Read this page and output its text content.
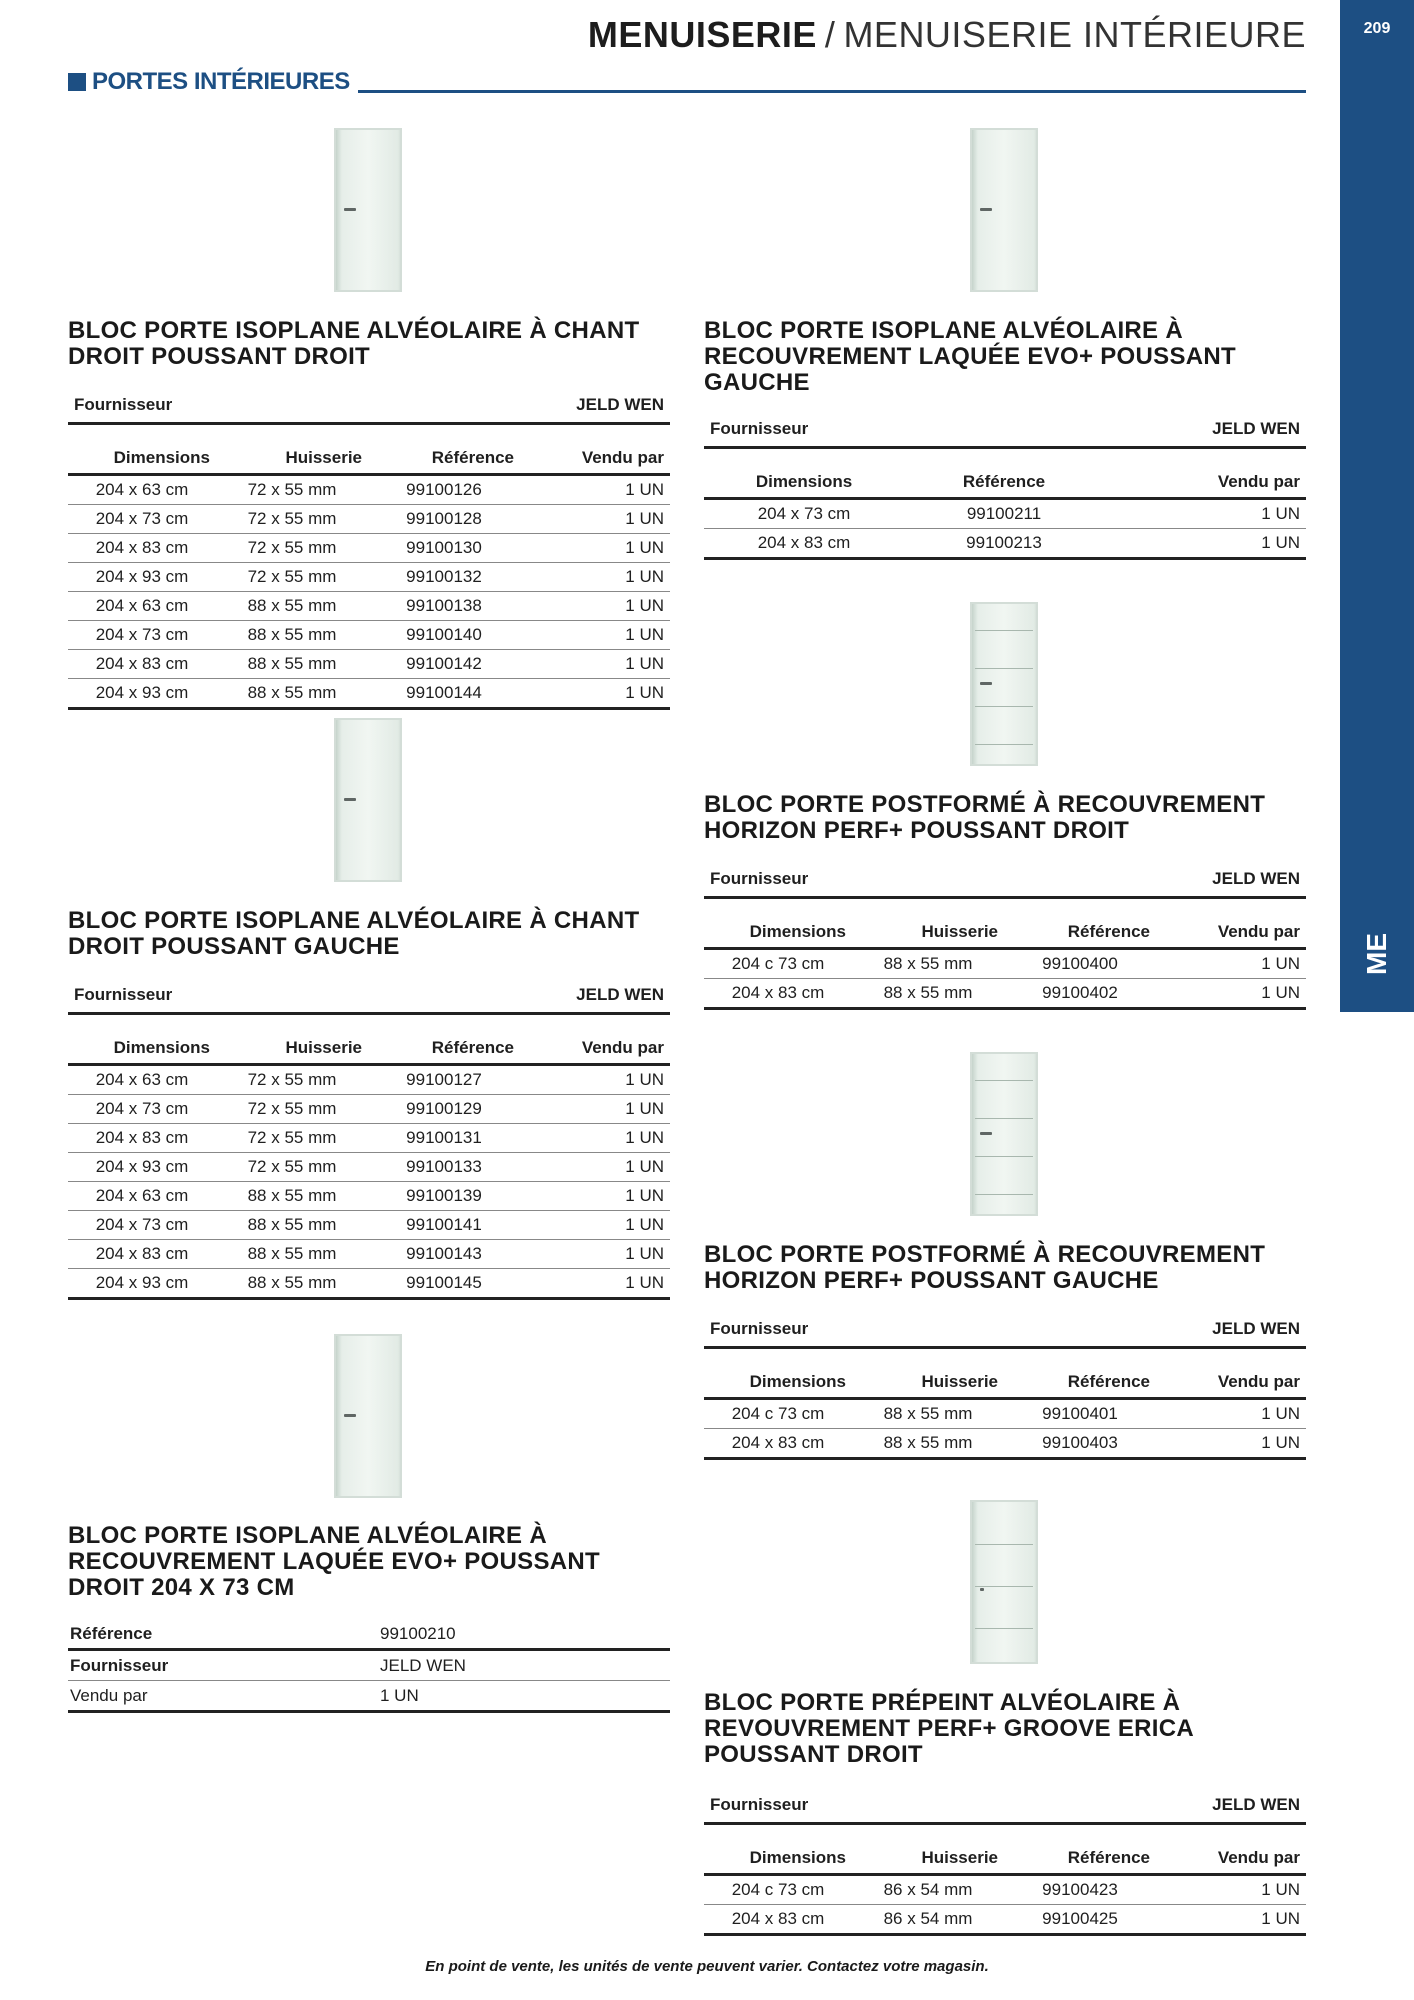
MENUISERIE / MENUISERIE INTÉRIEURE	209
ME
PORTES INTÉRIEURES
BLOC PORTE ISOPLANE ALVÉOLAIRE À CHANT
DROIT POUSSANT DROIT
Fournisseur			JELD WEN

Dimensions	Huisserie	Référence	Vendu par
204 x 63 cm	72 x 55 mm	99100126	1 UN
204 x 73 cm	72 x 55 mm	99100128	1 UN
204 x 83 cm	72 x 55 mm	99100130	1 UN
204 x 93 cm	72 x 55 mm	99100132	1 UN
204 x 63 cm	88 x 55 mm	99100138	1 UN
204 x 73 cm	88 x 55 mm	99100140	1 UN
204 x 83 cm	88 x 55 mm	99100142	1 UN
204 x 93 cm	88 x 55 mm	99100144	1 UN
BLOC PORTE ISOPLANE ALVÉOLAIRE À CHANT
DROIT POUSSANT GAUCHE
Fournisseur			JELD WEN

Dimensions	Huisserie	Référence	Vendu par
204 x 63 cm	72 x 55 mm	99100127	1 UN
204 x 73 cm	72 x 55 mm	99100129	1 UN
204 x 83 cm	72 x 55 mm	99100131	1 UN
204 x 93 cm	72 x 55 mm	99100133	1 UN
204 x 63 cm	88 x 55 mm	99100139	1 UN
204 x 73 cm	88 x 55 mm	99100141	1 UN
204 x 83 cm	88 x 55 mm	99100143	1 UN
204 x 93 cm	88 x 55 mm	99100145	1 UN
BLOC PORTE ISOPLANE ALVÉOLAIRE À
RECOUVREMENT LAQUÉE EVO+ POUSSANT
DROIT 204 X 73 CM
Référence	99100210
Fournisseur	JELD WEN
Vendu par	1 UN
BLOC PORTE ISOPLANE ALVÉOLAIRE À
RECOUVREMENT LAQUÉE EVO+ POUSSANT
GAUCHE
Fournisseur		JELD WEN

Dimensions	Référence	Vendu par
204 x 73 cm	99100211	1 UN
204 x 83 cm	99100213	1 UN
BLOC PORTE POSTFORMÉ À RECOUVREMENT
HORIZON PERF+ POUSSANT DROIT
Fournisseur			JELD WEN

Dimensions	Huisserie	Référence	Vendu par
204 c 73 cm	88 x 55 mm	99100400	1 UN
204 x 83 cm	88 x 55 mm	99100402	1 UN
BLOC PORTE POSTFORMÉ À RECOUVREMENT
HORIZON PERF+ POUSSANT GAUCHE
Fournisseur			JELD WEN

Dimensions	Huisserie	Référence	Vendu par
204 c 73 cm	88 x 55 mm	99100401	1 UN
204 x 83 cm	88 x 55 mm	99100403	1 UN
BLOC PORTE PRÉPEINT ALVÉOLAIRE À
REVOUVREMENT PERF+ GROOVE ERICA
POUSSANT DROIT
Fournisseur			JELD WEN

Dimensions	Huisserie	Référence	Vendu par
204 c 73 cm	86 x 54 mm	99100423	1 UN
204 x 83 cm	86 x 54 mm	99100425	1 UN
En point de vente, les unités de vente peuvent varier. Contactez votre magasin.
